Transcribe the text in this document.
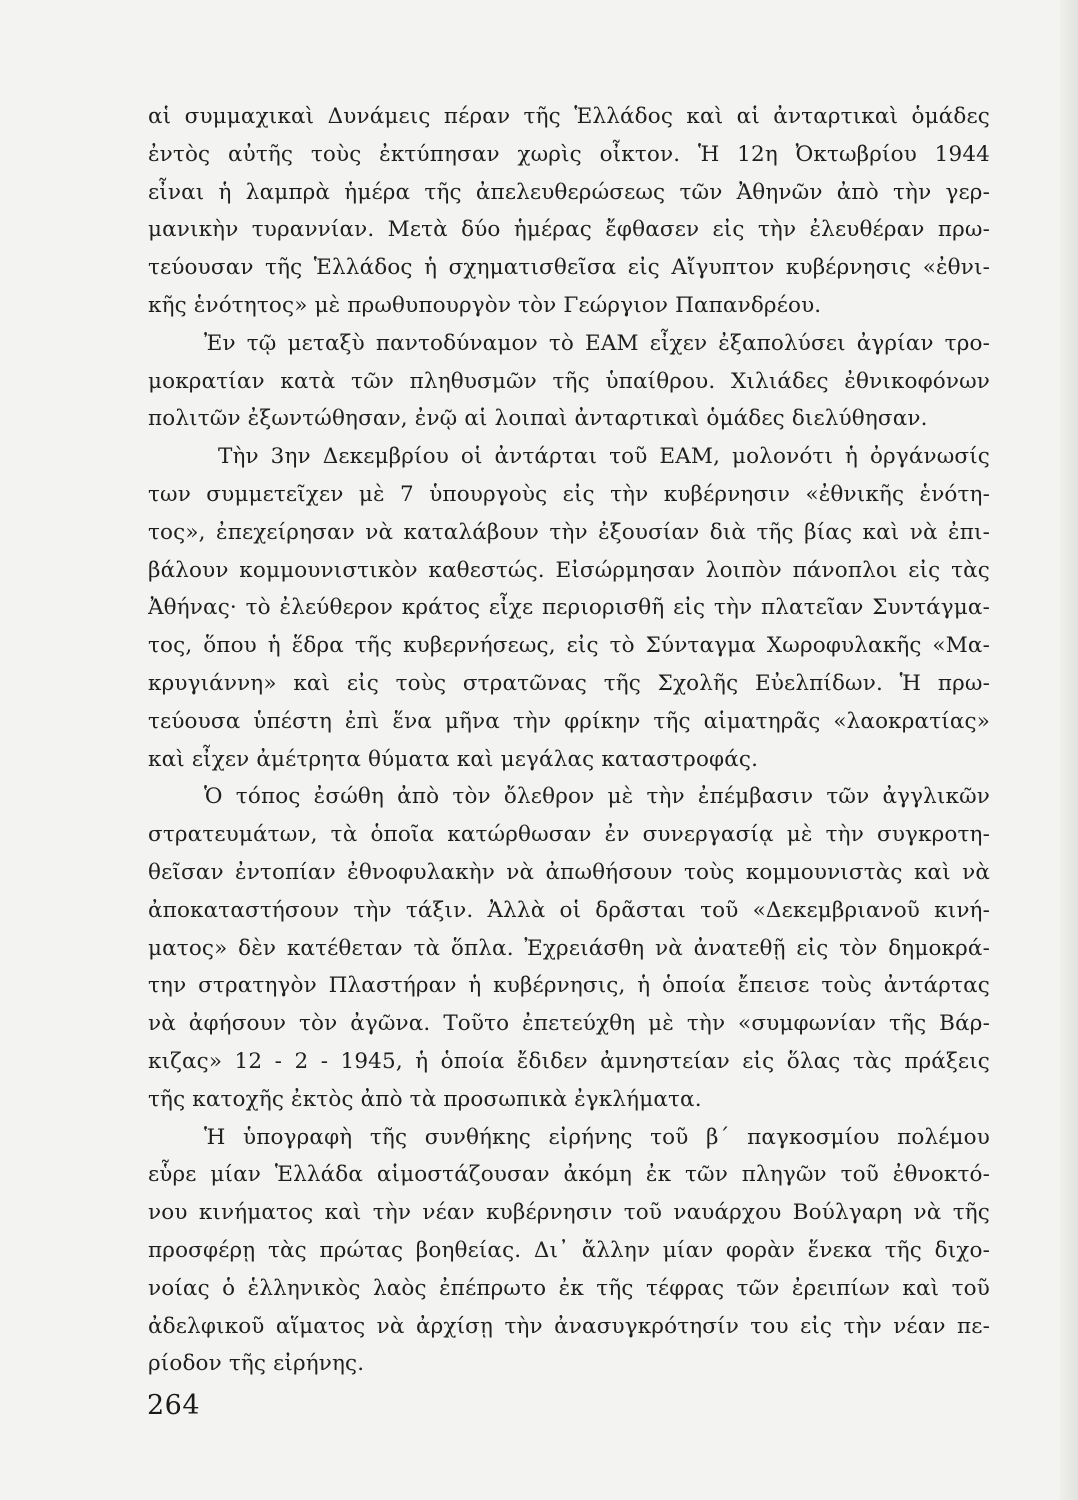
αἱ συμμαχικαὶ Δυνάμεις πέραν τῆς Ἑλλάδος καὶ αἱ ἀνταρτικαὶ ὁμάδες
ἐντὸς αὐτῆς τοὺς ἐκτύπησαν χωρὶς οἶκτον. Ἡ 12η Ὀκτωβρίου 1944
εἶναι ἡ λαμπρὰ ἡμέρα τῆς ἀπελευθερώσεως τῶν Ἀθηνῶν ἀπὸ τὴν γερ-
μανικὴν τυραννίαν. Μετὰ δύο ἡμέρας ἔφθασεν εἰς τὴν ἐλευθέραν πρω-
τεύουσαν τῆς Ἑλλάδος ἡ σχηματισθεῖσα εἰς Αἴγυπτον κυβέρνησις «ἐθνι-
κῆς ἑνότητος» μὲ πρωθυπουργὸν τὸν Γεώργιον Παπανδρέου.
Ἐν τῷ μεταξὺ παντοδύναμον τὸ ΕΑΜ εἶχεν ἐξαπολύσει ἀγρίαν τρο-
μοκρατίαν κατὰ τῶν πληθυσμῶν τῆς ὑπαίθρου. Χιλιάδες ἐθνικοφόνων
πολιτῶν ἐξωντώθησαν, ἐνῷ αἱ λοιπαὶ ἀνταρτικαὶ ὁμάδες διελύθησαν.
Τὴν 3ην Δεκεμβρίου οἱ ἀντάρται τοῦ ΕΑΜ, μολονότι ἡ ὀργάνωσίς
των συμμετεῖχεν μὲ 7 ὑπουργοὺς εἰς τὴν κυβέρνησιν «ἐθνικῆς ἑνότη-
τος», ἐπεχείρησαν νὰ καταλάβουν τὴν ἐξουσίαν διὰ τῆς βίας καὶ νὰ ἐπι-
βάλουν κομμουνιστικὸν καθεστώς. Εἰσώρμησαν λοιπὸν πάνοπλοι εἰς τὰς
Ἀθήνας· τὸ ἐλεύθερον κράτος εἶχε περιορισθῆ εἰς τὴν πλατεῖαν Συντάγμα-
τος, ὅπου ἡ ἕδρα τῆς κυβερνήσεως, εἰς τὸ Σύνταγμα Χωροφυλακῆς «Μα-
κρυγιάννη» καὶ εἰς τοὺς στρατῶνας τῆς Σχολῆς Εὐελπίδων. Ἡ πρω-
τεύουσα ὑπέστη ἐπὶ ἕνα μῆνα τὴν φρίκην τῆς αἱματηρᾶς «λαοκρατίας»
καὶ εἶχεν ἀμέτρητα θύματα καὶ μεγάλας καταστροφάς.
Ὁ τόπος ἐσώθη ἀπὸ τὸν ὄλεθρον μὲ τὴν ἐπέμβασιν τῶν ἀγγλικῶν
στρατευμάτων, τὰ ὁποῖα κατώρθωσαν ἐν συνεργασίᾳ μὲ τὴν συγκροτη-
θεῖσαν ἐντοπίαν ἐθνοφυλακὴν νὰ ἀπωθήσουν τοὺς κομμουνιστὰς καὶ νὰ
ἀποκαταστήσουν τὴν τάξιν. Ἀλλὰ οἱ δρᾶσται τοῦ «Δεκεμβριανοῦ κινή-
ματος» δὲν κατέθεταν τὰ ὅπλα. Ἐχρειάσθη νὰ ἀνατεθῇ εἰς τὸν δημοκρά-
την στρατηγὸν Πλαστήραν ἡ κυβέρνησις, ἡ ὁποία ἔπεισε τοὺς ἀντάρτας
νὰ ἀφήσουν τὸν ἀγῶνα. Τοῦτο ἐπετεύχθη μὲ τὴν «συμφωνίαν τῆς Βάρ-
κιζας» 12 - 2 - 1945, ἡ ὁποία ἔδιδεν ἀμνηστείαν εἰς ὅλας τὰς πράξεις
τῆς κατοχῆς ἐκτὸς ἀπὸ τὰ προσωπικὰ ἐγκλήματα.
Ἡ ὑπογραφὴ τῆς συνθήκης εἰρήνης τοῦ β΄ παγκοσμίου πολέμου
εὗρε μίαν Ἑλλάδα αἱμοστάζουσαν ἀκόμη ἐκ τῶν πληγῶν τοῦ ἐθνοκτό-
νου κινήματος καὶ τὴν νέαν κυβέρνησιν τοῦ ναυάρχου Βούλγαρη νὰ τῆς
προσφέρῃ τὰς πρώτας βοηθείας. Δι᾽ ἄλλην μίαν φορὰν ἕνεκα τῆς διχο-
νοίας ὁ ἑλληνικὸς λαὸς ἐπέπρωτο ἐκ τῆς τέφρας τῶν ἐρειπίων καὶ τοῦ
ἀδελφικοῦ αἵματος νὰ ἀρχίσῃ τὴν ἀνασυγκρότησίν του εἰς τὴν νέαν πε-
ρίοδον τῆς εἰρήνης.
264
